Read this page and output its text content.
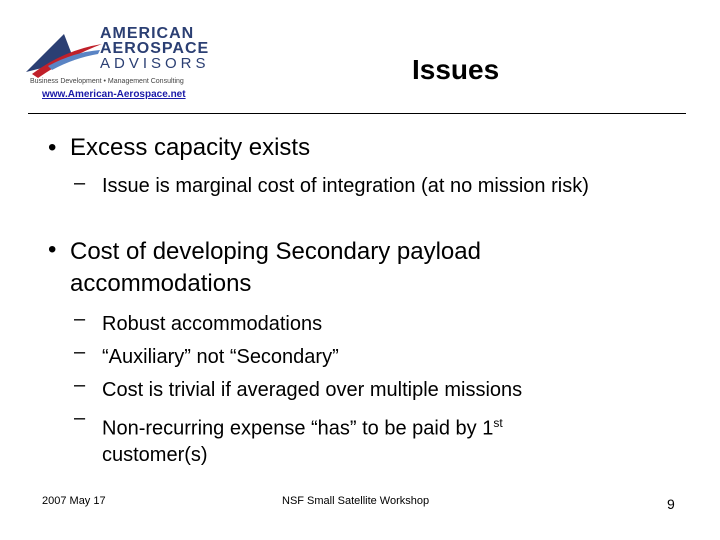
AMERICAN
AEROSPACE
ADVISORS
Business Development • Management Consulting
www.American-Aerospace.net
Issues
• Excess capacity exists
– Issue is marginal cost of integration (at no mission risk)
• Cost of developing Secondary payload accommodations
– Robust accommodations
– “Auxiliary” not “Secondary”
– Cost is trivial if averaged over multiple missions
– Non-recurring expense “has” to be paid by 1st
customer(s)
2007 May 17	NSF Small Satellite Workshop	9
